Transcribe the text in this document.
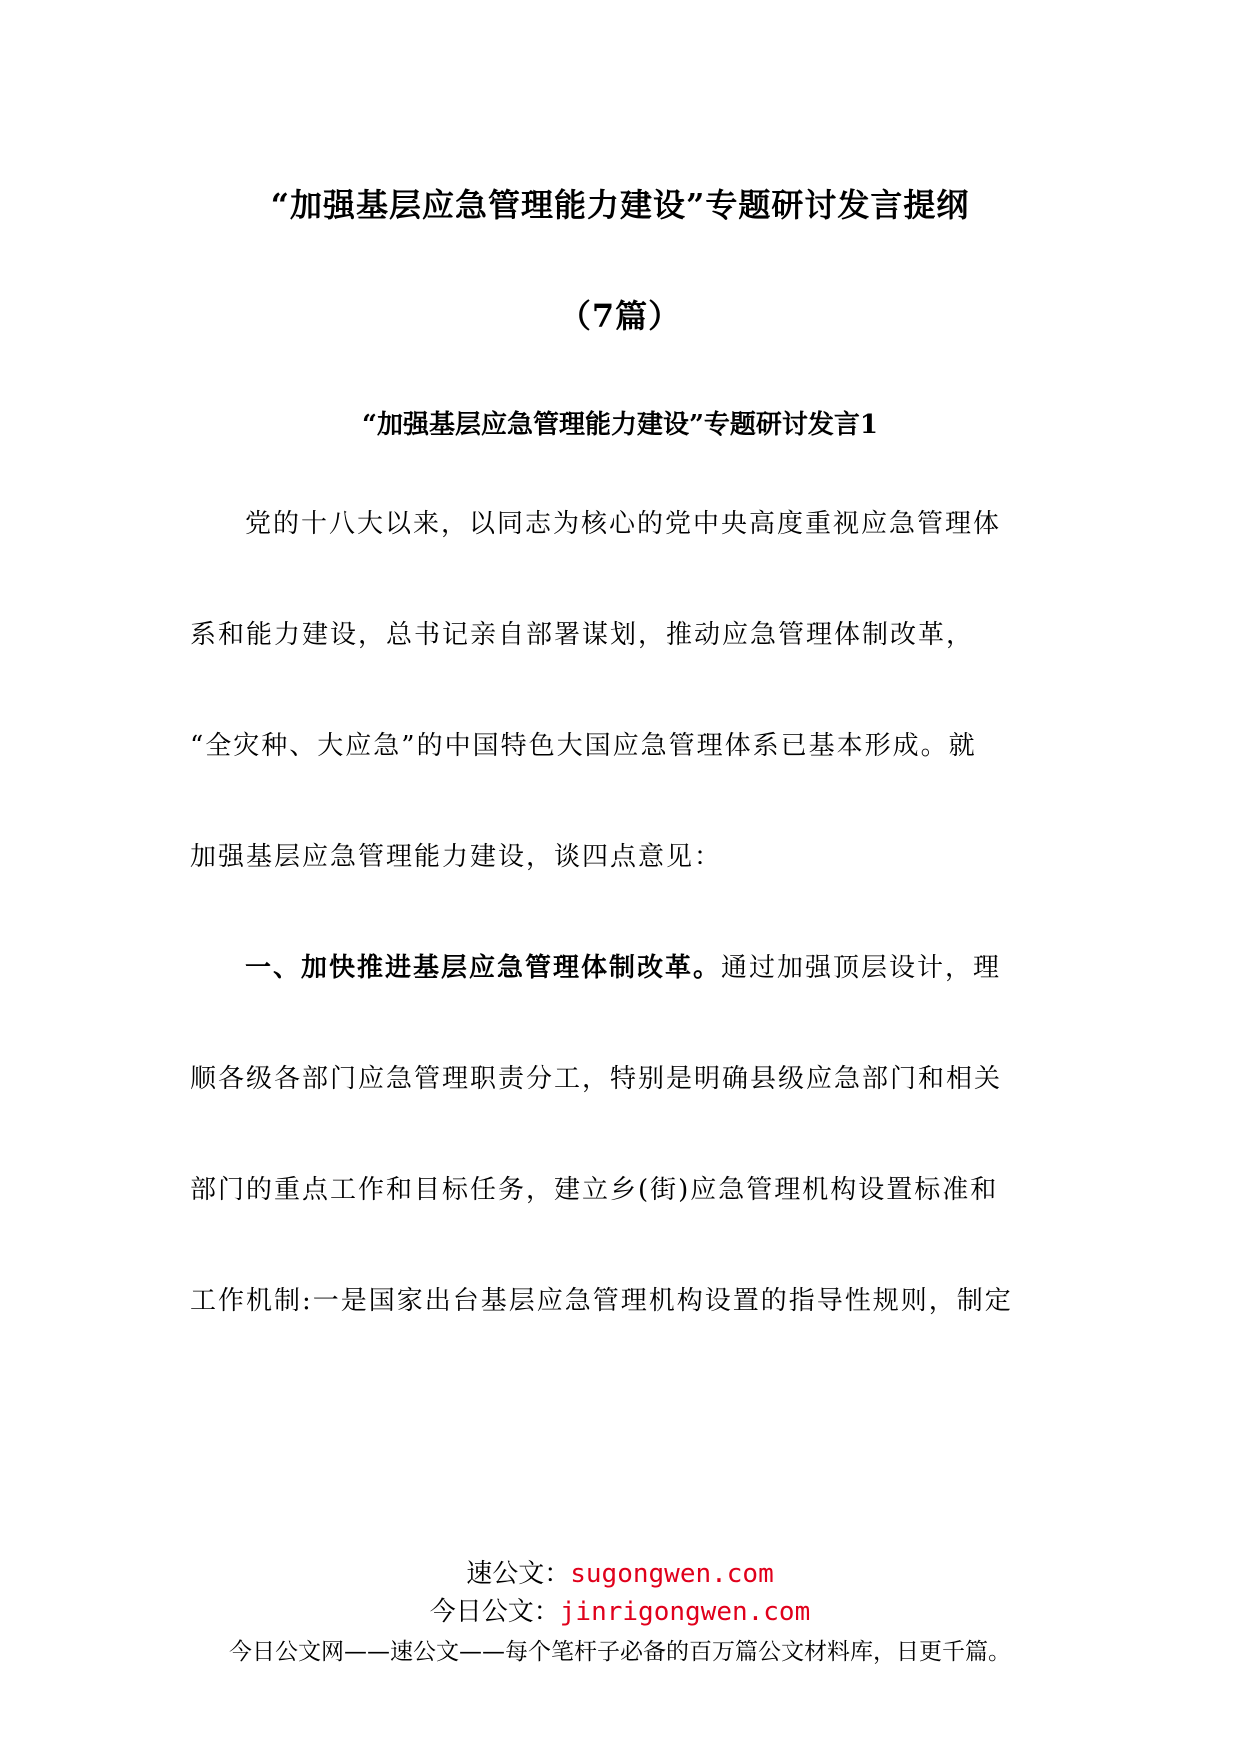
“加强基层应急管理能力建设”专题研讨发言提纲
（7篇）
“加强基层应急管理能力建设”专题研讨发言1
党的十八大以来，以同志为核心的党中央高度重视应急管理体
系和能力建设，总书记亲自部署谋划，推动应急管理体制改革，
“全灾种、大应急”的中国特色大国应急管理体系已基本形成。就
加强基层应急管理能力建设，谈四点意见：
一、加快推进基层应急管理体制改革。通过加强顶层设计，理
顺各级各部门应急管理职责分工，特别是明确县级应急部门和相关
部门的重点工作和目标任务，建立乡(街)应急管理机构设置标准和
工作机制:一是国家出台基层应急管理机构设置的指导性规则，制定
速公文：sugongwen.com
今日公文：jinrigongwen.com
今日公文网——速公文——每个笔杆子必备的百万篇公文材料库，日更千篇。
